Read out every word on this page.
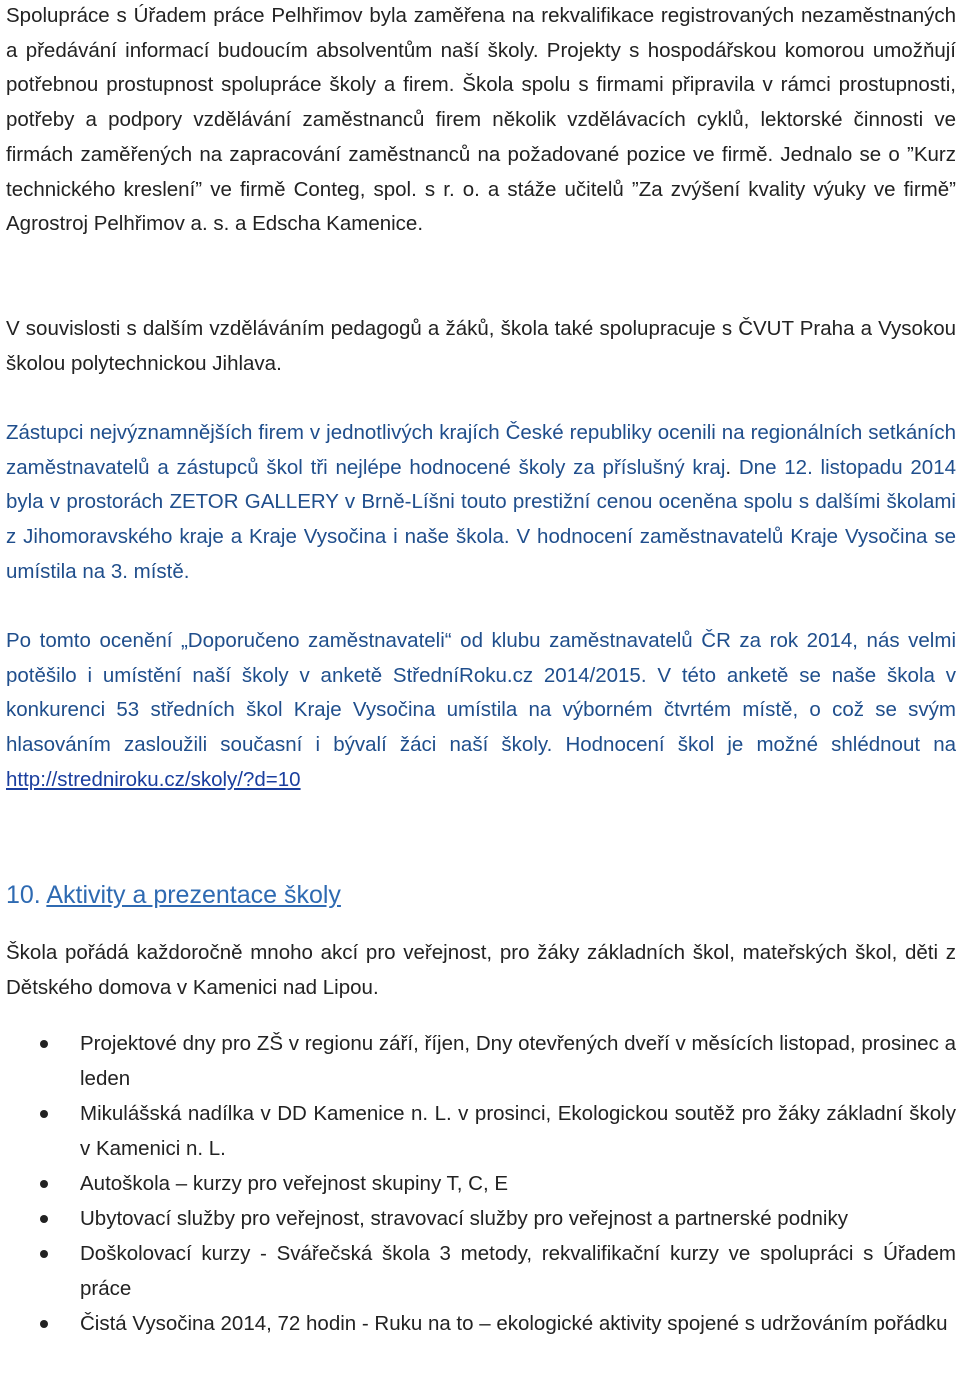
Spolupráce s Úřadem práce Pelhřimov byla zaměřena na rekvalifikace registrovaných nezaměstnaných a předávání informací budoucím absolventům naší školy. Projekty s hospodářskou komorou umožňují potřebnou prostupnost spolupráce školy a firem. Škola spolu s firmami připravila v rámci prostupnosti, potřeby a podpory vzdělávání zaměstnanců firem několik vzdělávacích cyklů, lektorské činnosti ve firmách zaměřených na zapracování zaměstnanců na požadované pozice ve firmě. Jednalo se o ”Kurz technického kreslení” ve firmě Conteg, spol. s r. o. a stáže učitelů ”Za zvýšení kvality výuky ve firmě” Agrostroj Pelhřimov a. s. a Edscha Kamenice.

V souvislosti s dalším vzděláváním pedagogů a žáků, škola také spolupracuje s ČVUT Praha a Vysokou školou polytechnickou Jihlava.

Zástupci nejvýznamnějších firem v jednotlivých krajích České republiky ocenili na regionálních setkáních zaměstnavatelů a zástupců škol tři nejlépe hodnocené školy za příslušný kraj. Dne 12. listopadu 2014 byla v prostorách ZETOR GALLERY v Brně-Líšni touto prestižní cenou oceněna spolu s dalšími školami z Jihomoravského kraje a Kraje Vysočina i naše škola. V hodnocení zaměstnavatelů Kraje Vysočina se umístila na 3. místě.

Po tomto ocenění „Doporučeno zaměstnavateli“ od klubu zaměstnavatelů ČR za rok 2014, nás velmi potěšilo i umístění naší školy v anketě StředníRoku.cz 2014/2015. V této anketě se naše škola v konkurenci 53 středních škol Kraje Vysočina umístila na výborném čtvrtém místě, o což se svým hlasováním zasloužili současní i bývalí žáci naší školy. Hodnocení škol je možné shlédnout na http://stredniroku.cz/skoly/?d=10

10. Aktivity a prezentace školy

Škola pořádá každoročně mnoho akcí pro veřejnost, pro žáky základních škol, mateřských škol, děti z Dětského domova v Kamenici nad Lipou.

Projektové dny pro ZŠ v regionu září, říjen, Dny otevřených dveří v měsících listopad, prosinec a leden
Mikulášská nadílka v DD Kamenice n. L. v prosinci, Ekologickou soutěž pro žáky základní školy v Kamenici n. L.
Autoškola – kurzy pro veřejnost skupiny T, C, E
Ubytovací služby pro veřejnost, stravovací služby pro veřejnost a partnerské podniky
Doškolovací kurzy - Svářečská škola 3 metody, rekvalifikační kurzy ve spolupráci s Úřadem práce
Čistá Vysočina 2014, 72 hodin - Ruku na to – ekologické aktivity spojené s udržováním pořádku
